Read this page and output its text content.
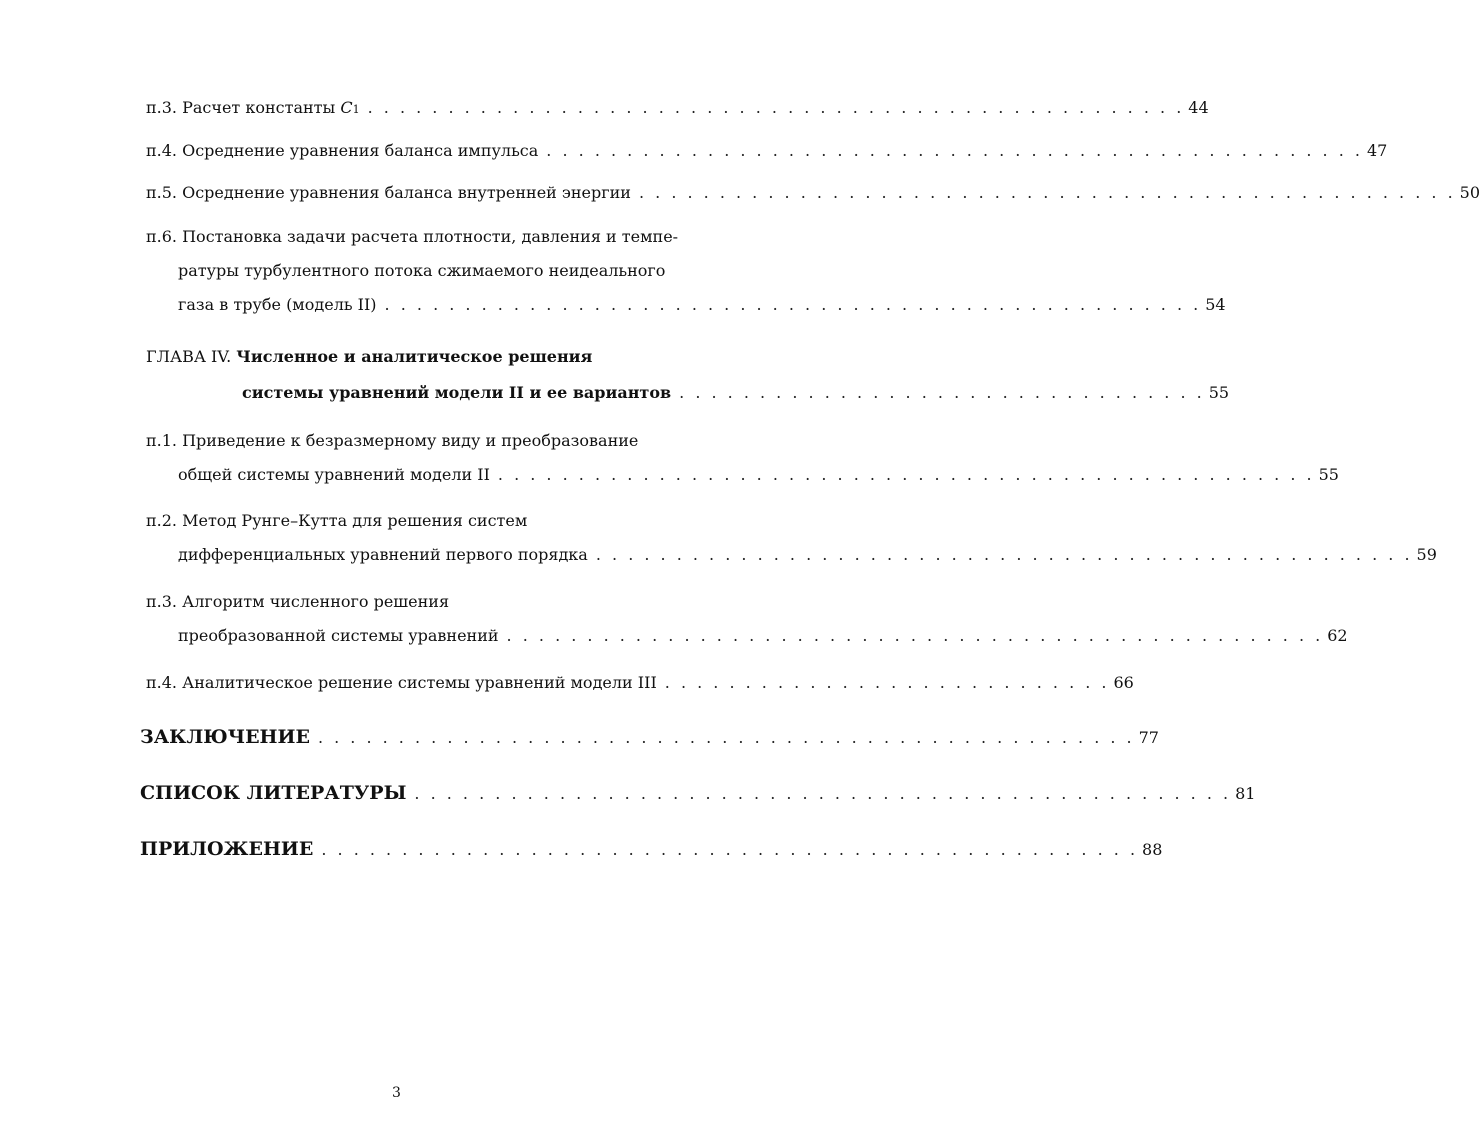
п.3. Расчет константы
C 1 . . . . . . . . . . . . . . . . . . . . . . . . . . . . . . . . . . . . . . . . . . . . . . . . . . . 44
п.4. Осреднение уравнения баланса импульса . . . . . . . . . . . . . . . . . . . . . . . . . . . . . . . . . . . . . . . . . . . . . . . . . . . 47
п.5. Осреднение уравнения баланса внутренней энергии . . . . . . . . . . . . . . . . . . . . . . . . . . . . . . . . . . . . . . . . . . . . . . . . . . . 50
п.6. Постановка задачи расчета плотности, давления и темпе-
ратуры турбулентного потока сжимаемого неидеального
газа в трубе (модель II) . . . . . . . . . . . . . . . . . . . . . . . . . . . . . . . . . . . . . . . . . . . . . . . . . . . 54
ГЛАВА IV. Численное и аналитическое решения
системы уравнений модели II и ее вариантов . . . . . . . . . . . . . . . . . . . . . . . . . . . . . . . . . 55
п.1. Приведение к безразмерному виду и преобразование
общей системы уравнений модели II . . . . . . . . . . . . . . . . . . . . . . . . . . . . . . . . . . . . . . . . . . . . . . . . . . . 55
п.2. Метод Рунге–Кутта для решения систем
дифференциальных уравнений первого порядка . . . . . . . . . . . . . . . . . . . . . . . . . . . . . . . . . . . . . . . . . . . . . . . . . . . 59
п.3. Алгоритм численного решения
преобразованной системы уравнений . . . . . . . . . . . . . . . . . . . . . . . . . . . . . . . . . . . . . . . . . . . . . . . . . . . 62
п.4. Аналитическое решение системы уравнений модели III . . . . . . . . . . . . . . . . . . . . . . . . . . . . 66
ЗАКЛЮЧЕНИЕ . . . . . . . . . . . . . . . . . . . . . . . . . . . . . . . . . . . . . . . . . . . . . . . . . . . 77
СПИСОК ЛИТЕРАТУРЫ . . . . . . . . . . . . . . . . . . . . . . . . . . . . . . . . . . . . . . . . . . . . . . . . . . . 81
ПРИЛОЖЕНИЕ . . . . . . . . . . . . . . . . . . . . . . . . . . . . . . . . . . . . . . . . . . . . . . . . . . . 88
3
